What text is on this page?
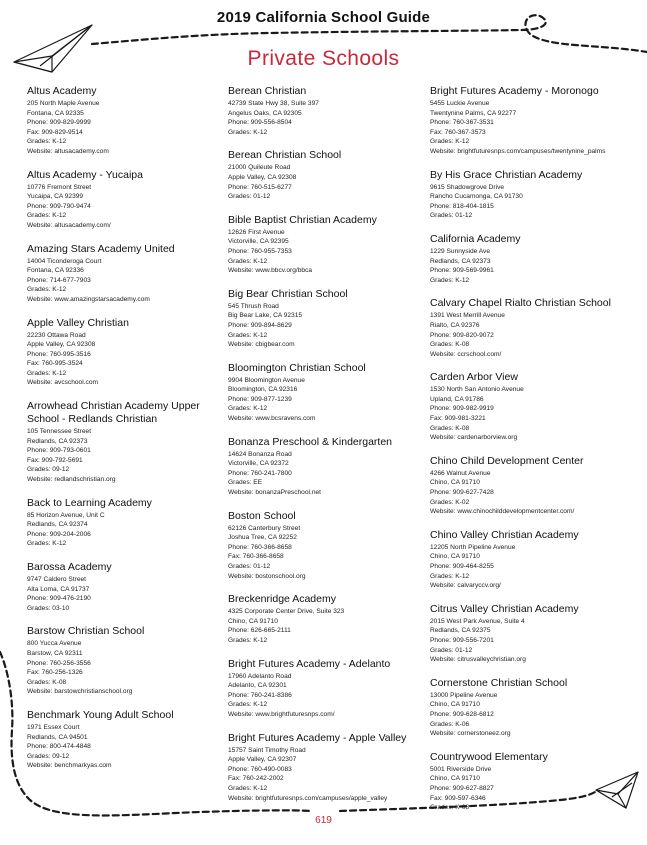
2019 California School Guide
Private Schools
Altus Academy
205 North Maple Avenue
Fontana, CA 92335
Phone: 909-829-9999
Fax: 909-829-9514
Grades: K-12
Website: altusacademy.com
Altus Academy - Yucaipa
10776 Fremont Street
Yucaipa, CA 92399
Phone: 909-790-9474
Grades: K-12
Website: altusacademy.com/
Amazing Stars Academy United
14004 Ticonderoga Court
Fontana, CA 92336
Phone: 714-677-7903
Grades: K-12
Website: www.amazingstarsacademy.com
Apple Valley Christian
22230 Ottawa Road
Apple Valley, CA 92308
Phone: 760-995-3516
Fax: 760-995-3524
Grades: K-12
Website: avcschool.com
Arrowhead Christian Academy Upper School - Redlands Christian
105 Tennessee Street
Redlands, CA 92373
Phone: 909-793-0601
Fax: 909-792-5691
Grades: 09-12
Website: redlandschristian.org
Back to Learning Academy
85 Horizon Avenue, Unit C
Redlands, CA 92374
Phone: 909-204-2006
Grades: K-12
Barossa Academy
9747 Caldero Street
Alta Loma, CA 91737
Phone: 909-476-2190
Grades: 03-10
Barstow Christian School
800 Yucca Avenue
Barstow, CA 92311
Phone: 760-256-3556
Fax: 760-256-1326
Grades: K-08
Website: barstowchristianschool.org
Benchmark Young Adult School
1971 Essex Court
Redlands, CA 94501
Phone: 800-474-4848
Grades: 09-12
Website: benchmarkyas.com
Berean Christian
42739 State Hwy 38, Suite 397
Angelus Oaks, CA 92305
Phone: 909-556-8504
Grades: K-12
Berean Christian School
21000 Quileute Road
Apple Valley, CA 92308
Phone: 760-515-6277
Grades: 01-12
Bible Baptist Christian Academy
12626 First Avenue
Victorville, CA 92395
Phone: 760-955-7353
Grades: K-12
Website: www.bbcv.org/bbca
Big Bear Christian School
545 Thrush Road
Big Bear Lake, CA 92315
Phone: 909-894-8629
Grades: K-12
Website: cbigbear.com
Bloomington Christian School
9904 Bloomington Avenue
Bloomington, CA 92316
Phone: 909-877-1239
Grades: K-12
Website: www.bcsravens.com
Bonanza Preschool & Kindergarten
14624 Bonanza Road
Victorville, CA 92372
Phone: 760-241-7800
Grades: EE
Website: bonanzaPreschool.net
Boston School
62126 Canterbury Street
Joshua Tree, CA 92252
Phone: 760-366-8658
Fax: 760-366-8658
Grades: 01-12
Website: bostonschool.org
Breckenridge Academy
4325 Corporate Center Drive, Suite 323
Chino, CA 91710
Phone: 626-665-2111
Grades: K-12
Bright Futures Academy - Adelanto
17960 Adelanto Road
Adelanto, CA 92301
Phone: 760-241-8386
Grades: K-12
Website: www.brightfuturesnps.com/
Bright Futures Academy - Apple Valley
15757 Saint Timothy Road
Apple Valley, CA 92307
Phone: 760-490-0083
Fax: 760-242-2002
Grades: K-12
Website: brightfuturesnps.com/campuses/apple_valley
Bright Futures Academy - Moronogo
5455 Luckie Avenue
Twentynine Palms, CA 92277
Phone: 760-367-3531
Fax: 760-367-3573
Grades: K-12
Website: brightfuturesnps.com/campuses/twentynine_palms
By His Grace Christian Academy
9615 Shadowgrove Drive
Rancho Cucamonga, CA 91730
Phone: 818-404-1815
Grades: 01-12
California Academy
1229 Sunnyside Ave
Redlands, CA 92373
Phone: 909-569-9961
Grades: K-12
Calvary Chapel Rialto Christian School
1391 West Merrill Avenue
Rialto, CA 92376
Phone: 909-820-9072
Grades: K-08
Website: ccrschool.com/
Carden Arbor View
1530 North San Antonio Avenue
Upland, CA 91786
Phone: 909-982-9919
Fax: 909-981-3221
Grades: K-08
Website: cardenarborview.org
Chino Child Development Center
4266 Walnut Avenue
Chino, CA 91710
Phone: 909-627-7428
Grades: K-02
Website: www.chinochilddevelopmentcenter.com/
Chino Valley Christian Academy
12205 North Pipeline Avenue
Chino, CA 91710
Phone: 909-464-8255
Grades: K-12
Website: calvaryccv.org/
Citrus Valley Christian Academy
2015 West Park Avenue, Suite 4
Redlands, CA 92375
Phone: 909-556-7201
Grades: 01-12
Website: citrusvalleychristian.org
Cornerstone Christian School
13000 Pipeline Avenue
Chino, CA 91710
Phone: 909-628-6812
Grades: K-06
Website: cornerstoneez.org
Countrywood Elementary
5001 Riverside Drive
Chino, CA 91710
Phone: 909-627-8827
Fax: 909-597-6346
Grades: K-08
619
